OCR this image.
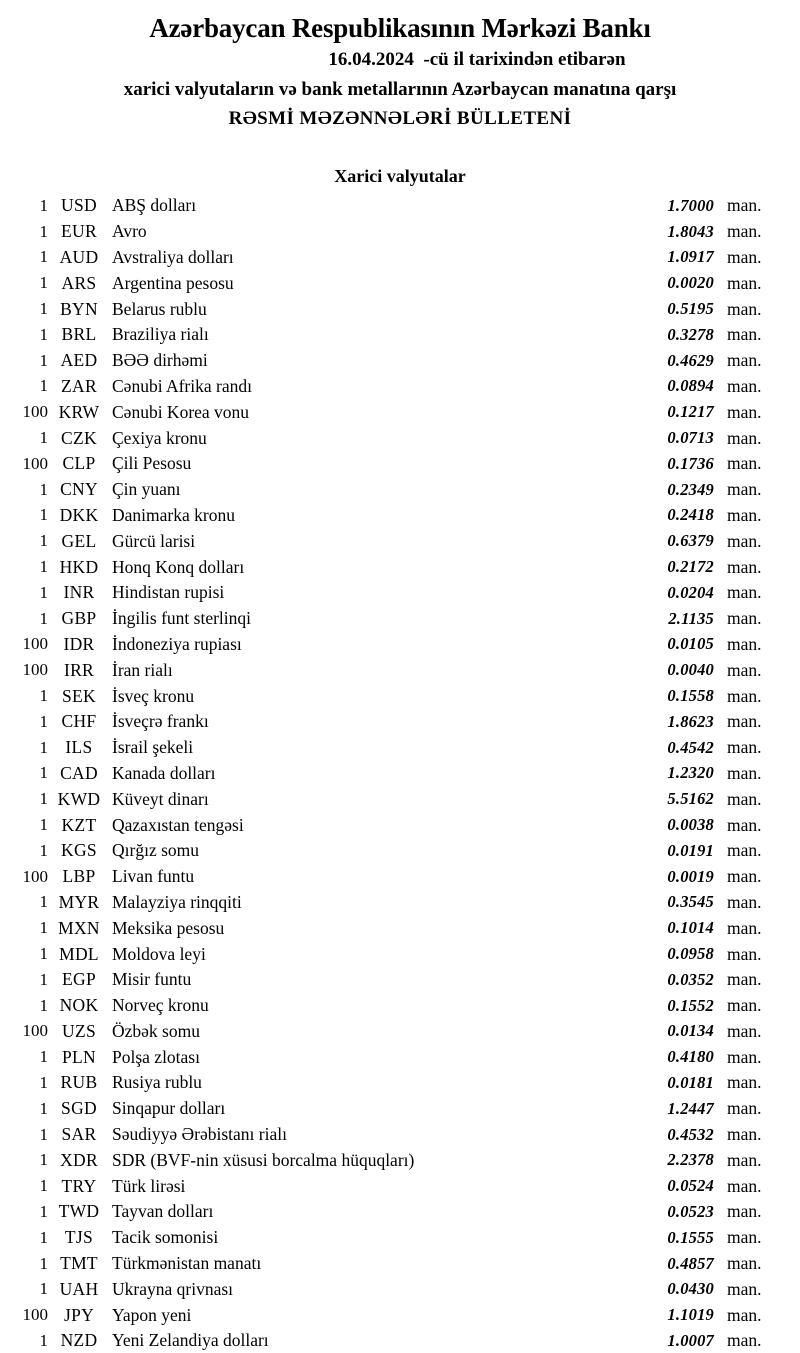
Azərbaycan Respublikasının Mərkəzi Bankı
16.04.2024  -cü il tarixindən etibarən
xarici valyutaların və bank metallarının Azərbaycan manatına qarşı
RƏSMİ MƏZƏNNƏLƏRİ BÜLLETENİ
Xarici valyutalar
1 USD ABŞ dolları	1.7000 man.
1 EUR Avro	1.8043 man.
1 AUD Avstraliya dolları	1.0917 man.
1 ARS Argentina pesosu	0.0020 man.
1 BYN Belarus rublu	0.5195 man.
1 BRL Braziliya rialı	0.3278 man.
1 AED BƏƏ dirhəmi	0.4629 man.
1 ZAR Cənubi Afrika randı	0.0894 man.
100 KRW Cənubi Korea vonu	0.1217 man.
1 CZK Çexiya kronu	0.0713 man.
100 CLP Çili Pesosu	0.1736 man.
1 CNY Çin yuanı	0.2349 man.
1 DKK Danimarka kronu	0.2418 man.
1 GEL Gürcü larisi	0.6379 man.
1 HKD Honq Konq dolları	0.2172 man.
1 INR Hindistan rupisi	0.0204 man.
1 GBP İngilis funt sterlinqi	2.1135 man.
100 IDR İndoneziya rupiası	0.0105 man.
100 IRR	İran rialı	0.0040 man.
1 SEK İsveç kronu	0.1558 man.
1 CHF İsveçrə frankı	1.8623 man.
1 ILS	İsrail şekeli	0.4542 man.
1 CAD Kanada dolları	1.2320 man.
1 KWD Küveyt dinarı	5.5162 man.
1 KZT Qazaxıstan tengəsi	0.0038 man.
1 KGS Qırğız somu	0.0191 man.
100 LBP Livan funtu	0.0019 man.
1 MYR Malayziya rinqqiti	0.3545 man.
1 MXN Meksika pesosu	0.1014 man.
1 MDL Moldova leyi	0.0958 man.
1 EGP Misir funtu	0.0352 man.
1 NOK Norveç kronu	0.1552 man.
100 UZS Özbək somu	0.0134 man.
1 PLN Polşa zlotası	0.4180 man.
1 RUB Rusiya rublu	0.0181 man.
1 SGD Sinqapur dolları	1.2447 man.
1 SAR Səudiyyə Ərəbistanı rialı	0.4532 man.
1 XDR SDR (BVF-nin xüsusi borcalma hüquqları)	2.2378 man.
1 TRY Türk lirəsi	0.0524 man.
1 TWD Tayvan dolları	0.0523 man.
1 TJS	Tacik somonisi	0.1555 man.
1 TMT Türkmənistan manatı	0.4857 man.
1 UAH Ukrayna qrivnası	0.0430 man.
100 JPY	Yapon yeni	1.1019 man.
1 NZD Yeni Zelandiya dolları	1.0007 man.
